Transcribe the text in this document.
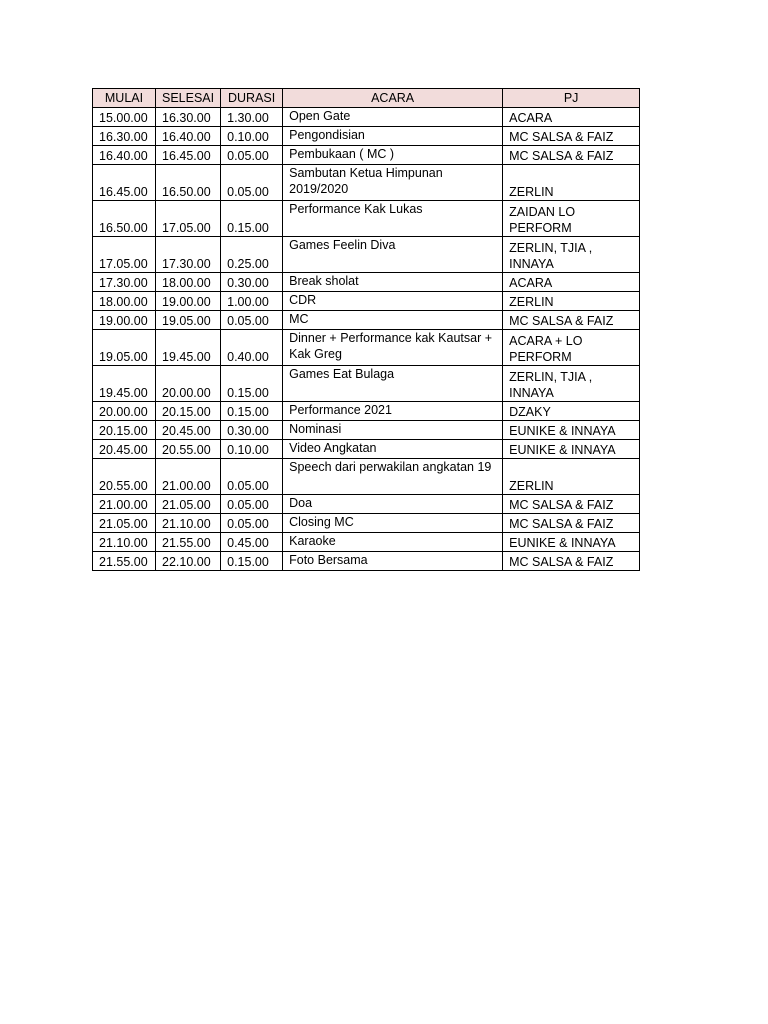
MULAI	SELESAI	DURASI	ACARA	PJ
15.00.00	16.30.00	1.30.00	Open Gate	ACARA
16.30.00	16.40.00	0.10.00	Pengondisian	MC SALSA & FAIZ
16.40.00	16.45.00	0.05.00	Pembukaan ( MC )	MC SALSA & FAIZ
16.45.00	16.50.00	0.05.00	Sambutan Ketua Himpunan 2019/2020	ZERLIN
16.50.00	17.05.00	0.15.00	Performance Kak Lukas	ZAIDAN LO PERFORM
17.05.00	17.30.00	0.25.00	Games Feelin Diva	ZERLIN, TJIA , INNAYA
17.30.00	18.00.00	0.30.00	Break sholat	ACARA
18.00.00	19.00.00	1.00.00	CDR	ZERLIN
19.00.00	19.05.00	0.05.00	MC	MC SALSA & FAIZ
19.05.00	19.45.00	0.40.00	Dinner + Performance kak Kautsar + Kak Greg	ACARA + LO PERFORM
19.45.00	20.00.00	0.15.00	Games Eat Bulaga	ZERLIN, TJIA , INNAYA
20.00.00	20.15.00	0.15.00	Performance 2021	DZAKY
20.15.00	20.45.00	0.30.00	Nominasi	EUNIKE & INNAYA
20.45.00	20.55.00	0.10.00	Video Angkatan	EUNIKE & INNAYA
20.55.00	21.00.00	0.05.00	Speech dari perwakilan angkatan 19	ZERLIN
21.00.00	21.05.00	0.05.00	Doa	MC SALSA & FAIZ
21.05.00	21.10.00	0.05.00	Closing MC	MC SALSA & FAIZ
21.10.00	21.55.00	0.45.00	Karaoke	EUNIKE & INNAYA
21.55.00	22.10.00	0.15.00	Foto Bersama	MC SALSA & FAIZ
